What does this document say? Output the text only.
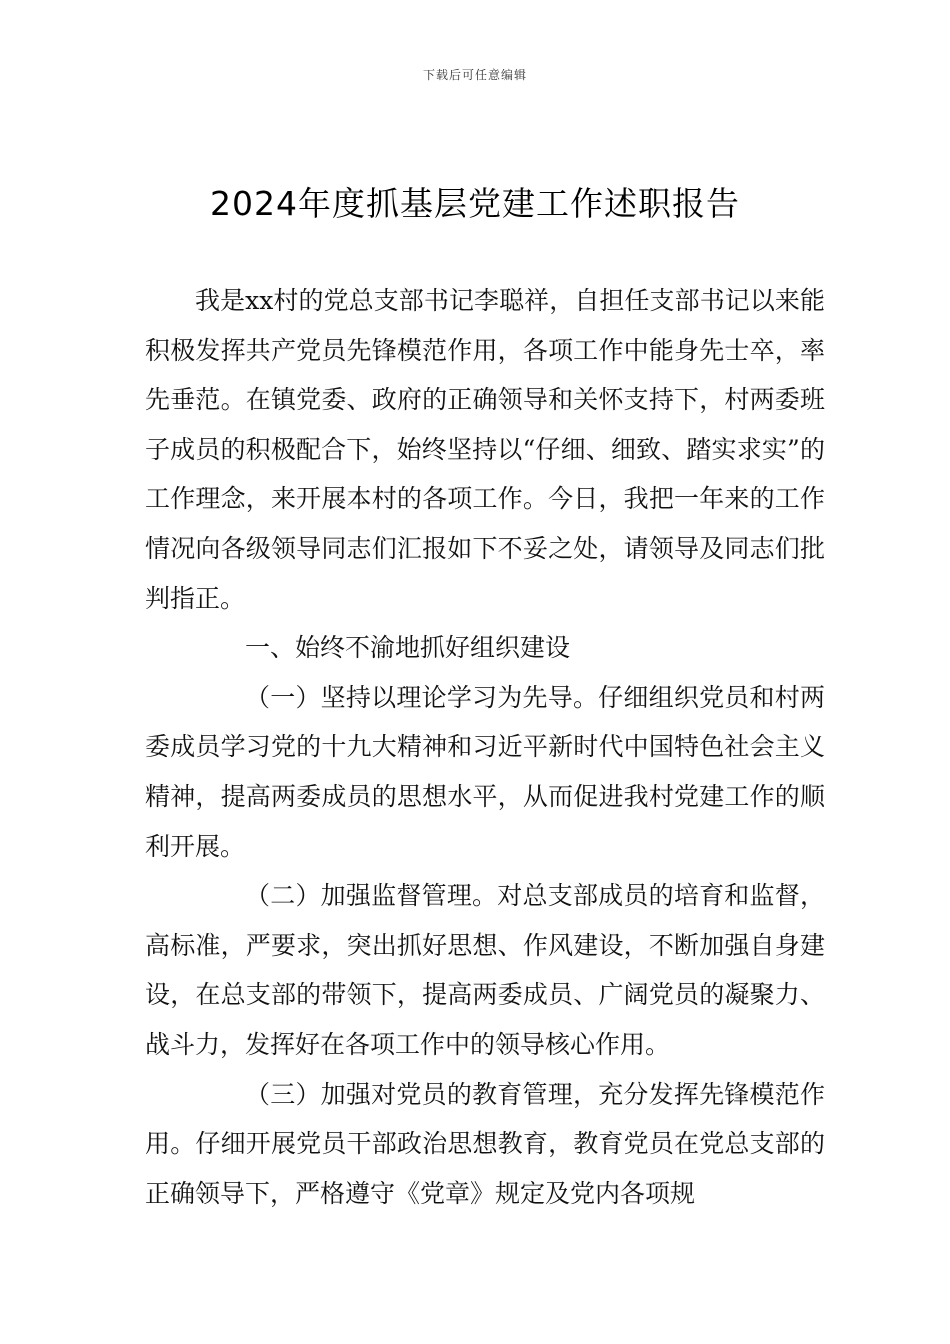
下载后可任意编辑
2024年度抓基层党建工作述职报告

我是xx村的党总支部书记李聪祥，自担任支部书记以来能积极发挥共产党员先锋模范作用，各项工作中能身先士卒，率先垂范。在镇党委、政府的正确领导和关怀支持下，村两委班子成员的积极配合下，始终坚持以“仔细、细致、踏实求实”的工作理念，来开展本村的各项工作。今日，我把一年来的工作情况向各级领导同志们汇报如下不妥之处，请领导及同志们批判指正。

一、始终不渝地抓好组织建设

（一）坚持以理论学习为先导。仔细组织党员和村两委成员学习党的十九大精神和习近平新时代中国特色社会主义精神，提高两委成员的思想水平，从而促进我村党建工作的顺利开展。

（二）加强监督管理。对总支部成员的培育和监督，高标准，严要求，突出抓好思想、作风建设，不断加强自身建设，在总支部的带领下，提高两委成员、广阔党员的凝聚力、战斗力，发挥好在各项工作中的领导核心作用。

（三）加强对党员的教育管理，充分发挥先锋模范作用。仔细开展党员干部政治思想教育，教育党员在党总支部的正确领导下，严格遵守《党章》规定及党内各项规
